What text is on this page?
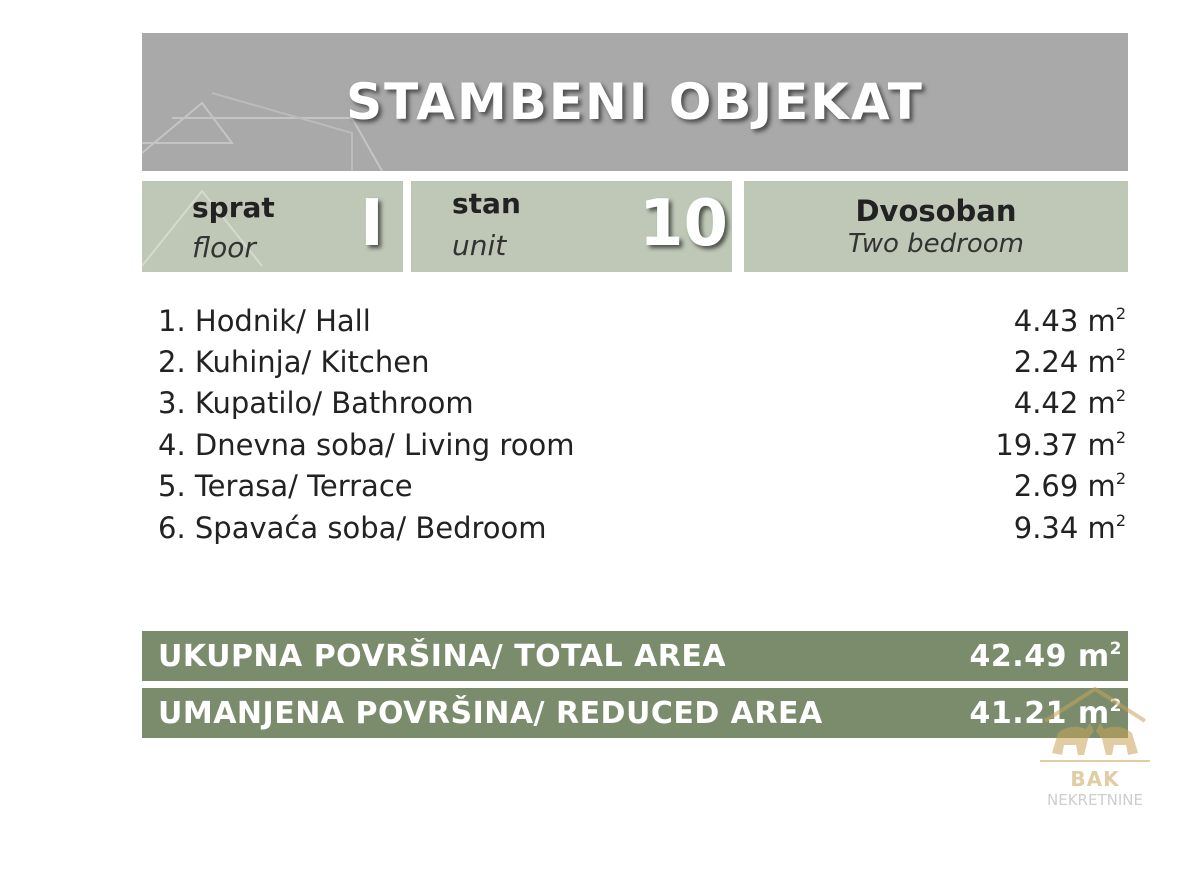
STAMBENI OBJEKAT
sprat
floor I stan
unit 10	Dvosoban
Two bedroom
1. Hodnik/ Hall	4.43 $m^2$
2. Kuhinja/ Kitchen	2.24 $m^2$
3. Kupatilo/ Bathroom	4.42 $m^2$
4. Dnevna soba/ Living room	19.37 $m^2$
5. Terasa/ Terrace	2.69 $m^2$
6. Spavaća soba/ Bedroom	9.34 $m^2$
UKUPNA POVRŠINA/ TOTAL AREA	42.49 $m^2$
UMANJENA POVRŠINA/ REDUCED AREA	41.21 $m^2$
BAK
NEKRETNINE
